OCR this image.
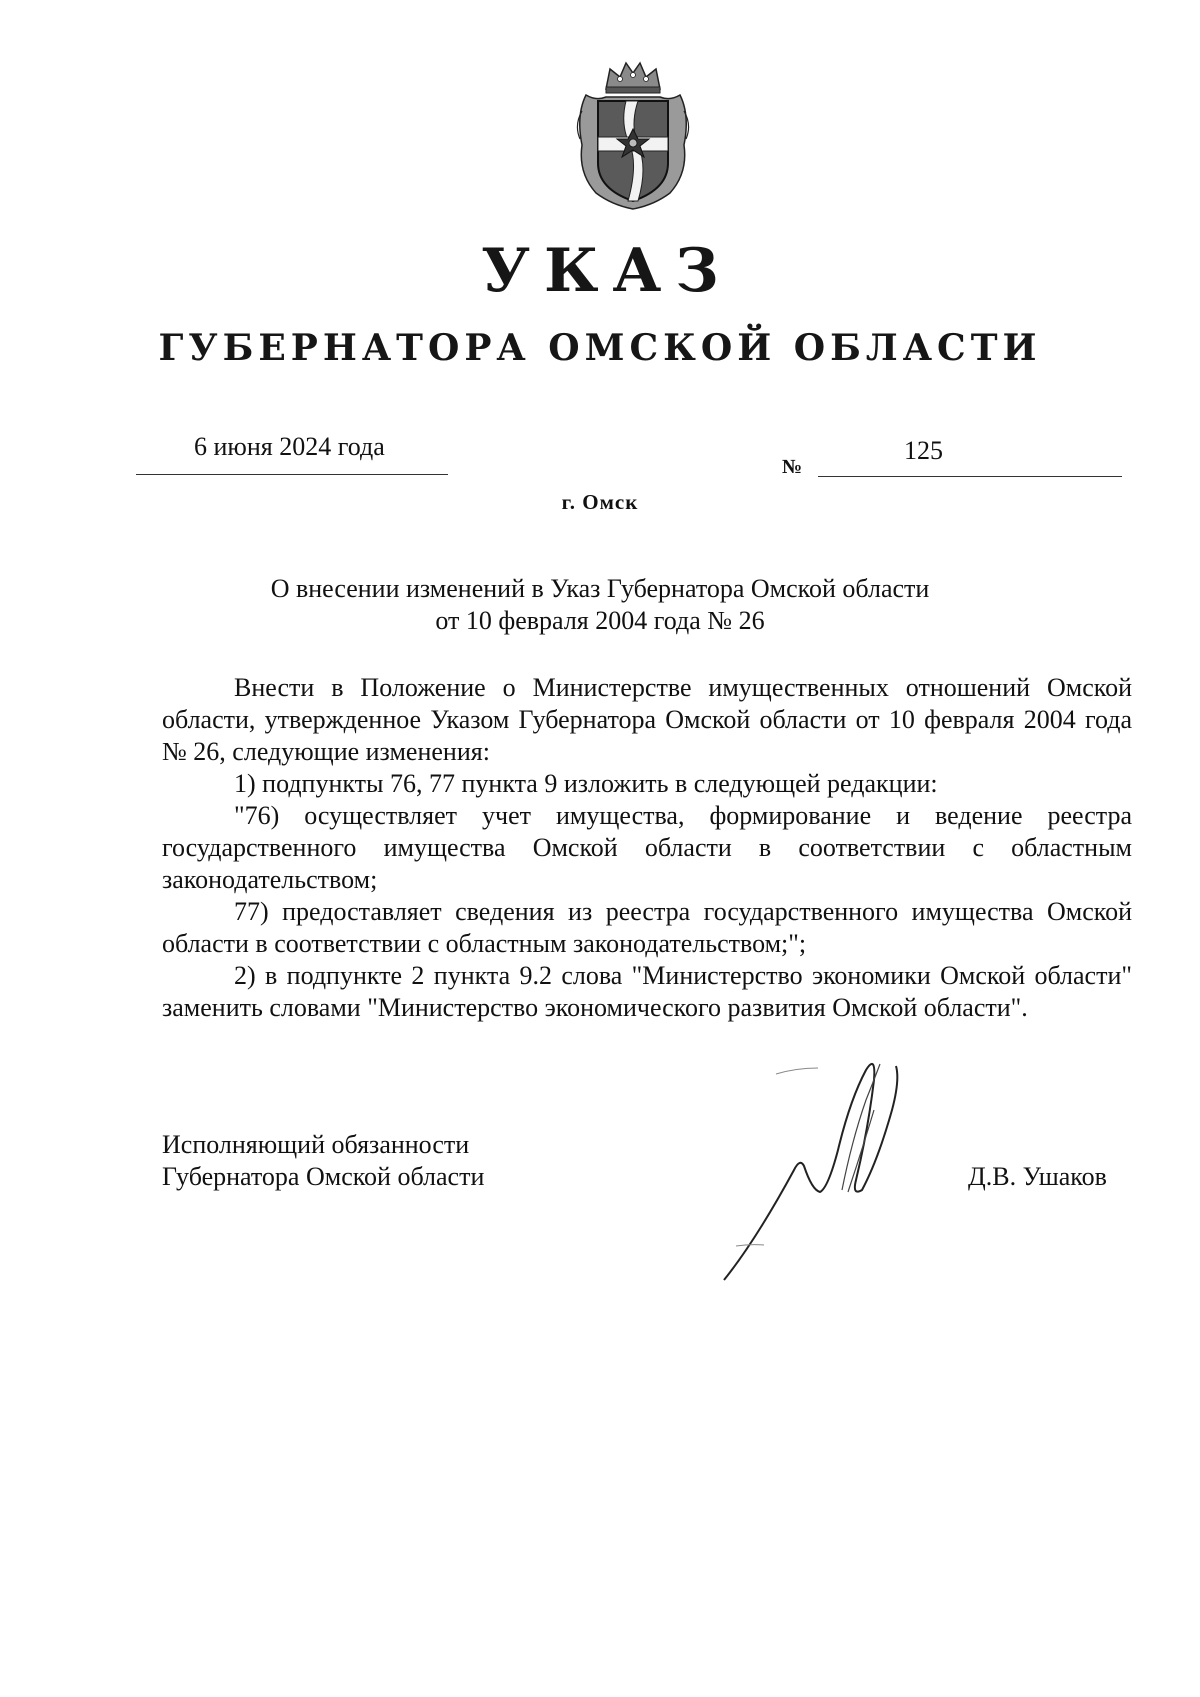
УКАЗ
ГУБЕРНАТОРА ОМСКОЙ ОБЛАСТИ
6 июня 2024 года
№
125
г. Омск
О внесении изменений в Указ Губернатора Омской области
от 10 февраля 2004 года № 26

Внести в Положение о Министерстве имущественных отношений Омской области, утвержденное Указом Губернатора Омской области от 10 февраля 2004 года № 26, следующие изменения:

1) подпункты 76, 77 пункта 9 изложить в следующей редакции:

"76) осуществляет учет имущества, формирование и ведение реестра государственного имущества Омской области в соответствии с областным законодательством;

77) предоставляет сведения из реестра государственного имущества Омской области в соответствии с областным законодательством;";

2) в подпункте 2 пункта 9.2 слова "Министерство экономики Омской области" заменить словами "Министерство экономического развития Омской области".

Исполняющий обязанности
Губернатора Омской области	Д.В. Ушаков
